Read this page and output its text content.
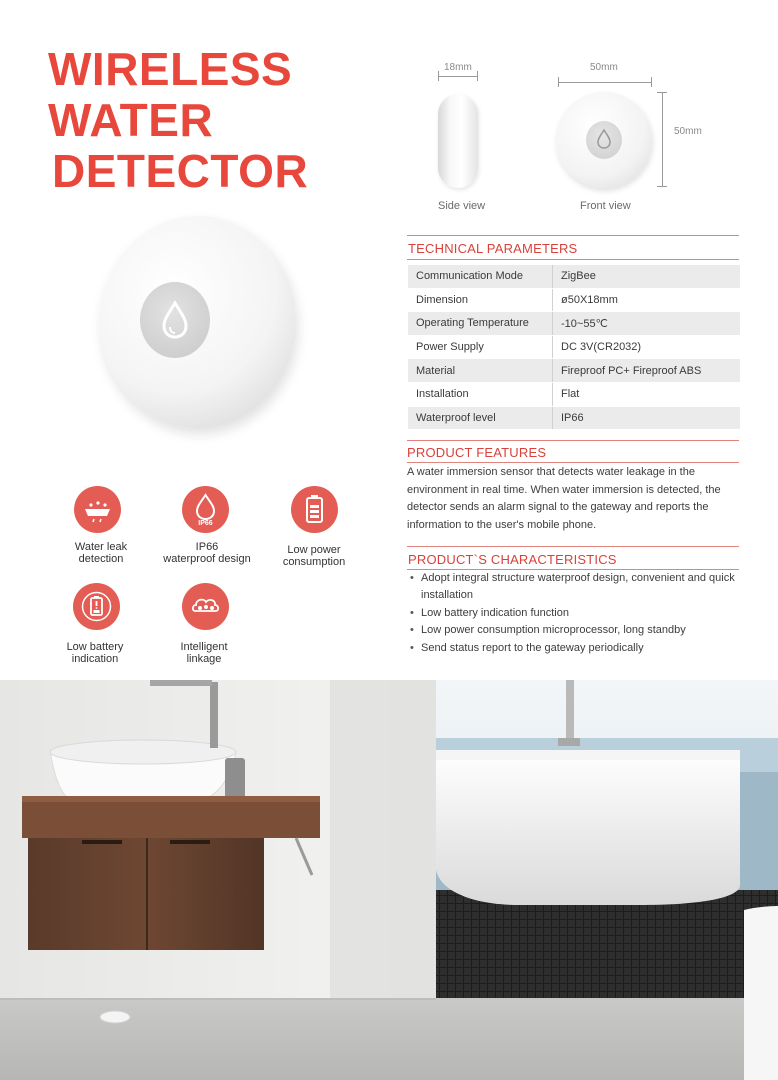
WIRELESS
WATER
DETECTOR
18mm
Side view
50mm
50mm
Front view
TECHNICAL PARAMETERS
Communication Mode	ZigBee
Dimension	ø50X18mm
Operating Temperature	-10~55℃
Power Supply	DC 3V(CR2032)
Material	Fireproof PC+ Fireproof ABS
Installation	Flat
Waterproof level	IP66
PRODUCT FEATURES
A water immersion sensor that detects water leakage in the environment in real time. When water immersion is detected, the detector sends an alarm signal to the gateway and reports the information to the user's mobile phone.
PRODUCT`S CHARACTERISTICS
• Adopt integral structure waterproof design, convenient and quick installation
• Low battery indication function
• Low power consumption microprocessor, long standby
• Send status report to the gateway periodically
Water leak
detection
IP66
IP66
waterproof design
Low power
consumption
Low battery
indication
Intelligent
linkage
